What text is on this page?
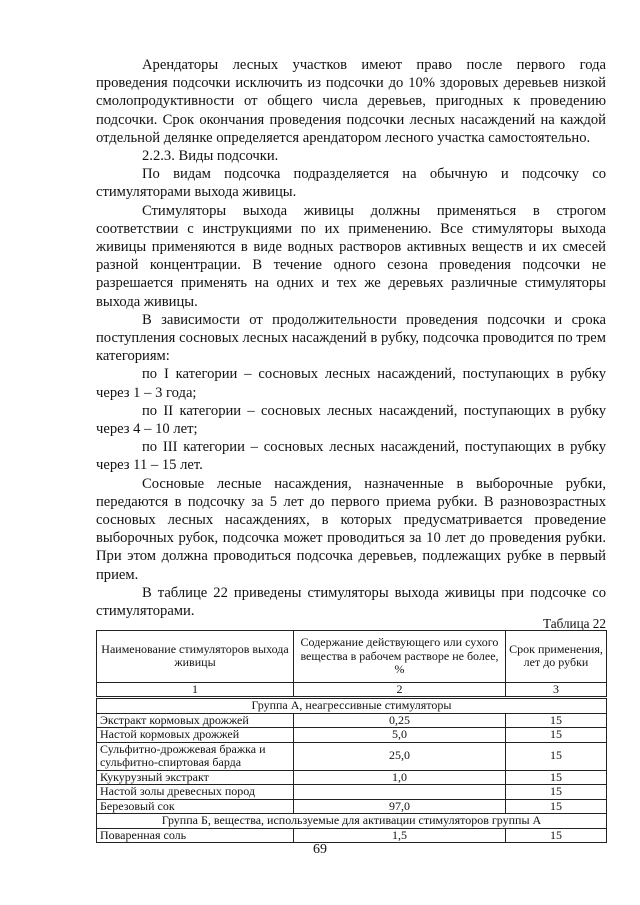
Арендаторы лесных участков имеют право после первого года проведения подсочки исключить из подсочки до 10% здоровых деревьев низкой смолопродуктивности от общего числа деревьев, пригодных к проведению подсочки. Срок окончания проведения подсочки лесных насаждений на каждой отдельной делянке определяется арендатором лесного участка самостоятельно.

2.2.3. Виды подсочки.

По видам подсочка подразделяется на обычную и подсочку со стимуляторами выхода живицы.

Стимуляторы выхода живицы должны применяться в строгом соответствии с инструкциями по их применению. Все стимуляторы выхода живицы применяются в виде водных растворов активных веществ и их смесей разной концентрации. В течение одного сезона проведения подсочки не разрешается применять на одних и тех же деревьях различные стимуляторы выхода живицы.

В зависимости от продолжительности проведения подсочки и срока поступления сосновых лесных насаждений в рубку, подсочка проводится по трем категориям:

по I категории – сосновых лесных насаждений, поступающих в рубку через 1 – 3 года;

по II категории – сосновых лесных насаждений, поступающих в рубку через 4 – 10 лет;

по III категории – сосновых лесных насаждений, поступающих в рубку через 11 – 15 лет.

Сосновые лесные насаждения, назначенные в выборочные рубки, передаются в подсочку за 5 лет до первого приема рубки. В разновозрастных сосновых лесных насаждениях, в которых предусматривается проведение выборочных рубок, подсочка может проводиться за 10 лет до проведения рубки. При этом должна проводиться подсочка деревьев, подлежащих рубке в первый прием.

В таблице 22 приведены стимуляторы выхода живицы при подсочке со стимуляторами.

Таблица 22
Наименование стимуляторов выхода живицы	Содержание действующего или сухого вещества в рабочем растворе не более, %	Срок применения, лет до рубки
1	2	3
Группа А, неагрессивные стимуляторы		
Экстракт кормовых дрожжей	0,25	15
Настой кормовых дрожжей	5,0	15
Сульфитно-дрожжевая бражка и сульфитно-спиртовая барда	25,0	15
Кукурузный экстракт	1,0	15
Настой золы древесных пород		15
Березовый сок	97,0	15
Группа Б, вещества, используемые для активации стимуляторов группы А		
Поваренная соль	1,5	15
69
